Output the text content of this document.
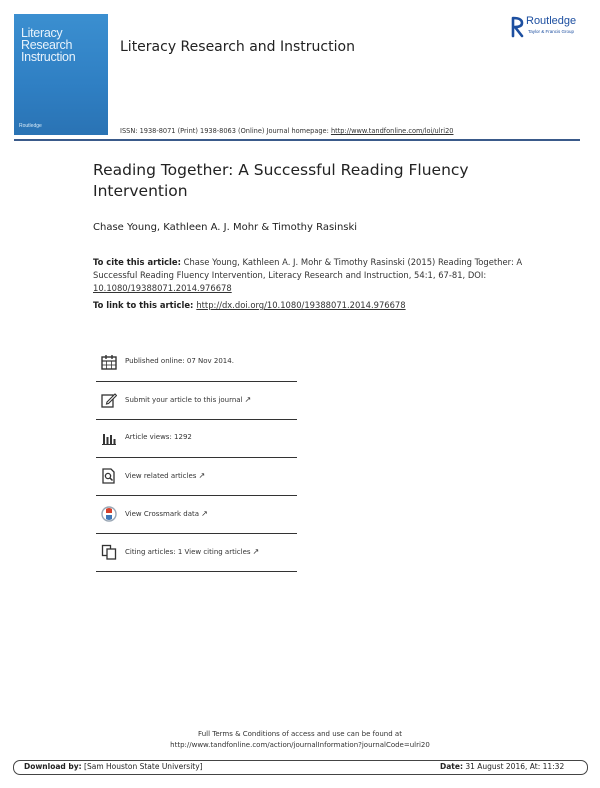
Literacy
Research
Instruction
Routledge
Literacy Research and Instruction
Routledge
Taylor & Francis Group
ISSN: 1938-8071 (Print) 1938-8063 (Online) Journal homepage: http://www.tandfonline.com/loi/ulri20
Reading Together: A Successful Reading Fluency Intervention
Chase Young, Kathleen A. J. Mohr & Timothy Rasinski
To cite this article: Chase Young, Kathleen A. J. Mohr & Timothy Rasinski (2015) Reading Together: A Successful Reading Fluency Intervention, Literacy Research and Instruction, 54:1, 67-81, DOI: 10.1080/19388071.2014.976678
To link to this article: http://dx.doi.org/10.1080/19388071.2014.976678
Published online: 07 Nov 2014.
Submit your article to this journal ↗
Article views: 1292
View related articles ↗
View Crossmark data ↗
Citing articles: 1 View citing articles ↗
Full Terms & Conditions of access and use can be found at
http://www.tandfonline.com/action/journalInformation?journalCode=ulri20
Download by: [Sam Houston State University]	Date: 31 August 2016, At: 11:32
